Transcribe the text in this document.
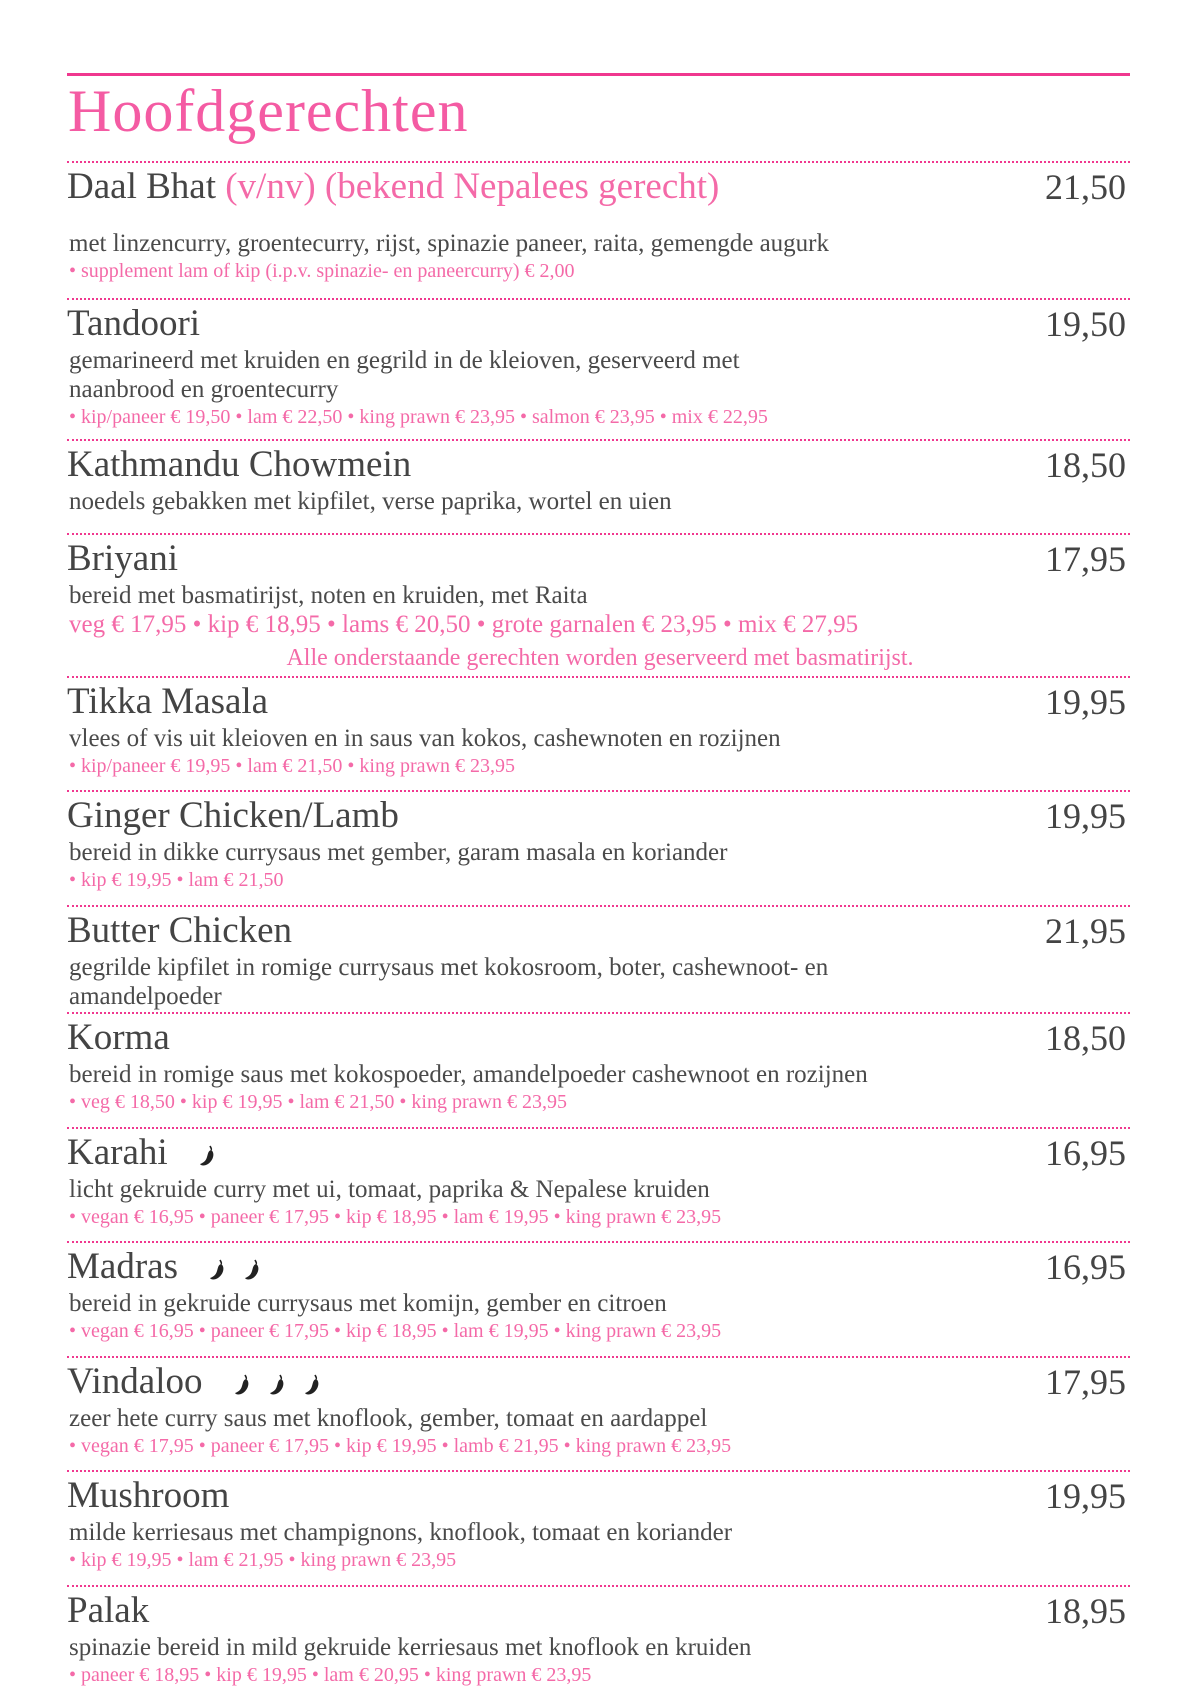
Hoofdgerechten
Alle onderstaande gerechten worden geserveerd met basmatirijst.
Daal Bhat (v/nv) (bekend Nepalees gerecht)	21,50
met linzencurry, groentecurry, rijst, spinazie paneer, raita, gemengde augurk
• supplement lam of kip (i.p.v. spinazie- en paneercurry) € 2,00
Tandoori	19,50
gemarineerd met kruiden en gegrild in de kleioven, geserveerd met
naanbrood en groentecurry
• kip/paneer € 19,50 • lam € 22,50 • king prawn € 23,95 • salmon € 23,95 • mix € 22,95
Kathmandu Chowmein	18,50
noedels gebakken met kipfilet, verse paprika, wortel en uien
Briyani	17,95
bereid met basmatirijst, noten en kruiden, met Raita
veg € 17,95 • kip € 18,95 • lams € 20,50 • grote garnalen € 23,95 • mix € 27,95
Tikka Masala	19,95
vlees of vis uit kleioven en in saus van kokos, cashewnoten en rozijnen
• kip/paneer € 19,95 • lam € 21,50 • king prawn € 23,95
Ginger Chicken/Lamb	19,95
bereid in dikke currysaus met gember, garam masala en koriander
• kip € 19,95 • lam € 21,50
Butter Chicken	21,95
gegrilde kipfilet in romige currysaus met kokosroom, boter, cashewnoot- en
amandelpoeder
Korma	18,50
bereid in romige saus met kokospoeder, amandelpoeder cashewnoot en rozijnen
• veg € 18,50 • kip € 19,95 • lam € 21,50 • king prawn € 23,95
Karahi	16,95
licht gekruide curry met ui, tomaat, paprika & Nepalese kruiden
• vegan € 16,95 • paneer € 17,95 • kip € 18,95 • lam € 19,95 • king prawn € 23,95
Madras	16,95
bereid in gekruide currysaus met komijn, gember en citroen
• vegan € 16,95 • paneer € 17,95 • kip € 18,95 • lam € 19,95 • king prawn € 23,95
Vindaloo	17,95
zeer hete curry saus met knoflook, gember, tomaat en aardappel
• vegan € 17,95 • paneer € 17,95 • kip € 19,95 • lamb € 21,95 • king prawn € 23,95
Mushroom	19,95
milde kerriesaus met champignons, knoflook, tomaat en koriander
• kip € 19,95 • lam € 21,95 • king prawn € 23,95
Palak	18,95
spinazie bereid in mild gekruide kerriesaus met knoflook en kruiden
• paneer € 18,95 • kip € 19,95 • lam € 20,95 • king prawn € 23,95
